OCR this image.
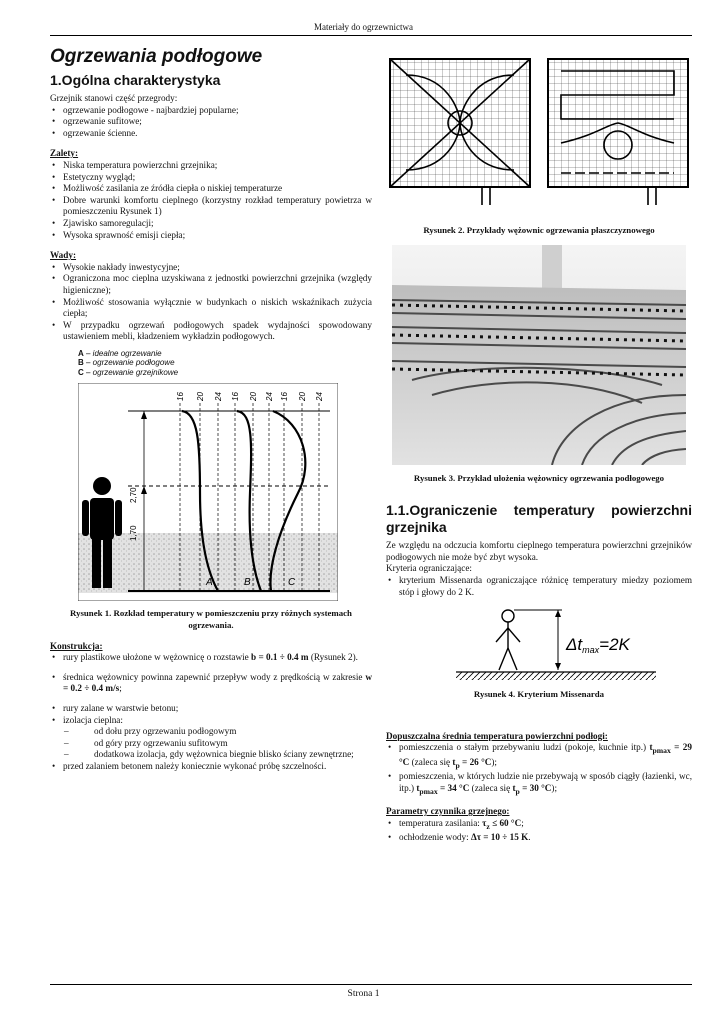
Materiały do ogrzewnictwa
Ogrzewania podłogowe
1.Ogólna charakterystyka

Grzejnik stanowi część przegrody:

• ogrzewanie podłogowe - najbardziej popularne;
• ogrzewanie sufitowe;
• ogrzewanie ścienne.
Zalety:
• Niska temperatura powierzchni grzejnika;
• Estetyczny wygląd;
• Możliwość zasilania ze źródła ciepła o niskiej temperaturze
• Dobre warunki komfortu cieplnego (korzystny rozkład temperatury powietrza w pomieszczeniu Rysunek 1)
• Zjawisko samoregulacji;
• Wysoka sprawność emisji ciepła;
Wady:
• Wysokie nakłady inwestycyjne;
• Ograniczona moc cieplna uzyskiwana z jednostki powierzchni grzejnika (względy higieniczne);
• Możliwość stosowania wyłącznie w budynkach o niskich wskaźnikach zużycia ciepła;
• W przypadku ogrzewań podłogowych spadek wydajności spowodowany ustawieniem mebli, kładzeniem wykładzin podłogowych.
A – idealne ogrzewanie
B – ogrzewanie podłogowe
C – ogrzewanie grzejnikowe
2,70
1,70
16 20 24 16 20 24 16 20 24
A	B	C
Rysunek 1. Rozkład temperatury w pomieszczeniu przy różnych systemach ogrzewania.
Konstrukcja:
• rury plastikowe ułożone w wężownicę o rozstawie b = 0.1 ÷ 0.4 m (Rysunek 2).
• średnica wężownicy powinna zapewnić przepływ wody z prędkością w zakresie w = 0.2 ÷ 0.4 m/s;
• rury zalane w warstwie betonu;
• izolacja cieplna:
– od dołu przy ogrzewaniu podłogowym
– od góry przy ogrzewaniu sufitowym
– dodatkowa izolacja, gdy wężownica biegnie blisko ściany zewnętrzne;
• przed zalaniem betonem należy koniecznie wykonać próbę szczelności.
Rysunek 2. Przykłady wężownic ogrzewania płaszczyznowego
Rysunek 3. Przykład ułożenia wężownicy ogrzewania podłogowego
1.1.Ograniczenie temperatury powierzchni grzejnika

Ze względu na odczucia komfortu cieplnego temperatura powierzchni grzejników podłogowych nie może być zbyt wysoka.

Kryteria ograniczające:

• kryterium Missenarda ograniczające różnicę temperatury miedzy poziomem stóp i głowy do 2 K.
Δtmax=2K
Rysunek 4. Kryterium Missenarda
Dopuszczalna średnia temperatura powierzchni podłogi:
• pomieszczenia o stałym przebywaniu ludzi (pokoje, kuchnie itp.) $t_{pmax} = 29$ °C (zaleca się $t_p = 26$ °C);
• pomieszczenia, w których ludzie nie przebywają w sposób ciągły (łazienki, wc, itp.) $t_{pmax} = 34$ °C (zaleca się $t_p = 30$ °C);
Parametry czynnika grzejnego:
• temperatura zasilania: $\tau_z \le 60$ °C;
• ochłodzenie wody: Δτ = 10 ÷ 15 K.
Strona 1
